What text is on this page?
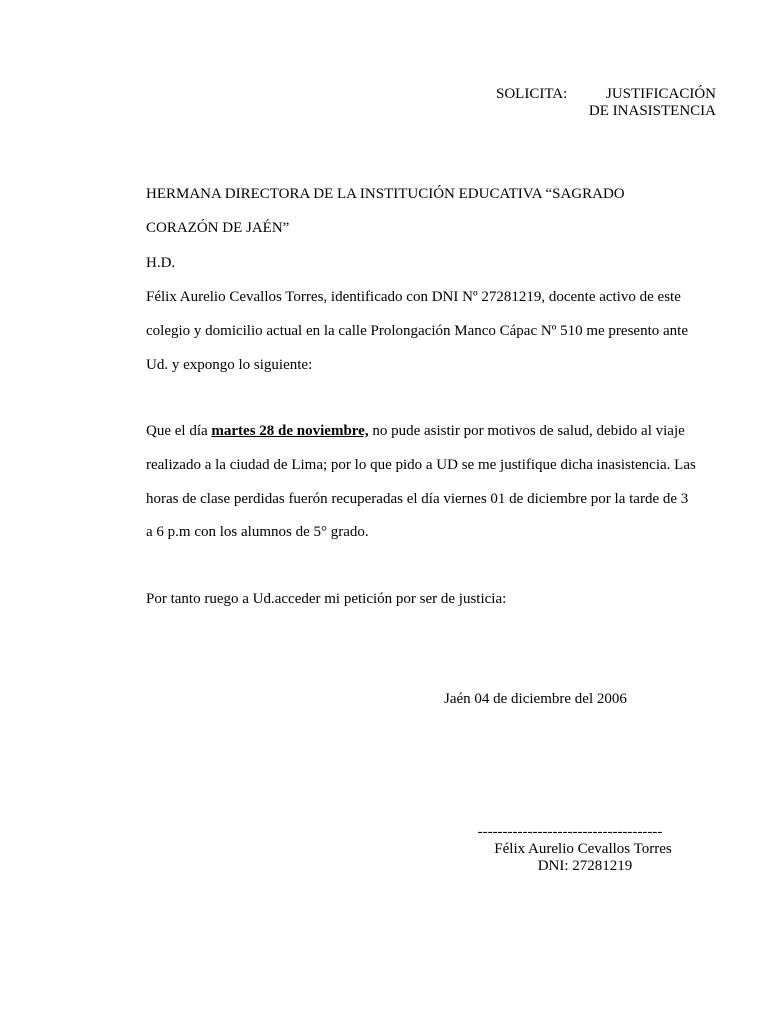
SOLICITA:	JUSTIFICACIÓN
DE INASISTENCIA
HERMANA DIRECTORA DE LA INSTITUCIÓN EDUCATIVA “SAGRADO
CORAZÓN DE JAÉN”
H.D.
Félix Aurelio Cevallos Torres, identificado con DNI Nº 27281219, docente activo de este
colegio y domicilio actual en la calle Prolongación Manco Cápac Nº 510 me presento ante
Ud. y expongo lo siguiente:
Que el día martes 28 de noviembre, no pude asistir por motivos de salud, debido al viaje
realizado a la ciudad de Lima; por lo que pido a UD se me justifique dicha inasistencia. Las
horas de clase perdidas fuerón recuperadas el día viernes 01 de diciembre por la tarde de 3
a 6 p.m con los alumnos de 5° grado.
Por tanto ruego a Ud.acceder mi petición por ser de justicia:
Jaén 04 de diciembre del 2006
-------------------------------------
Félix Aurelio Cevallos Torres
DNI: 27281219
